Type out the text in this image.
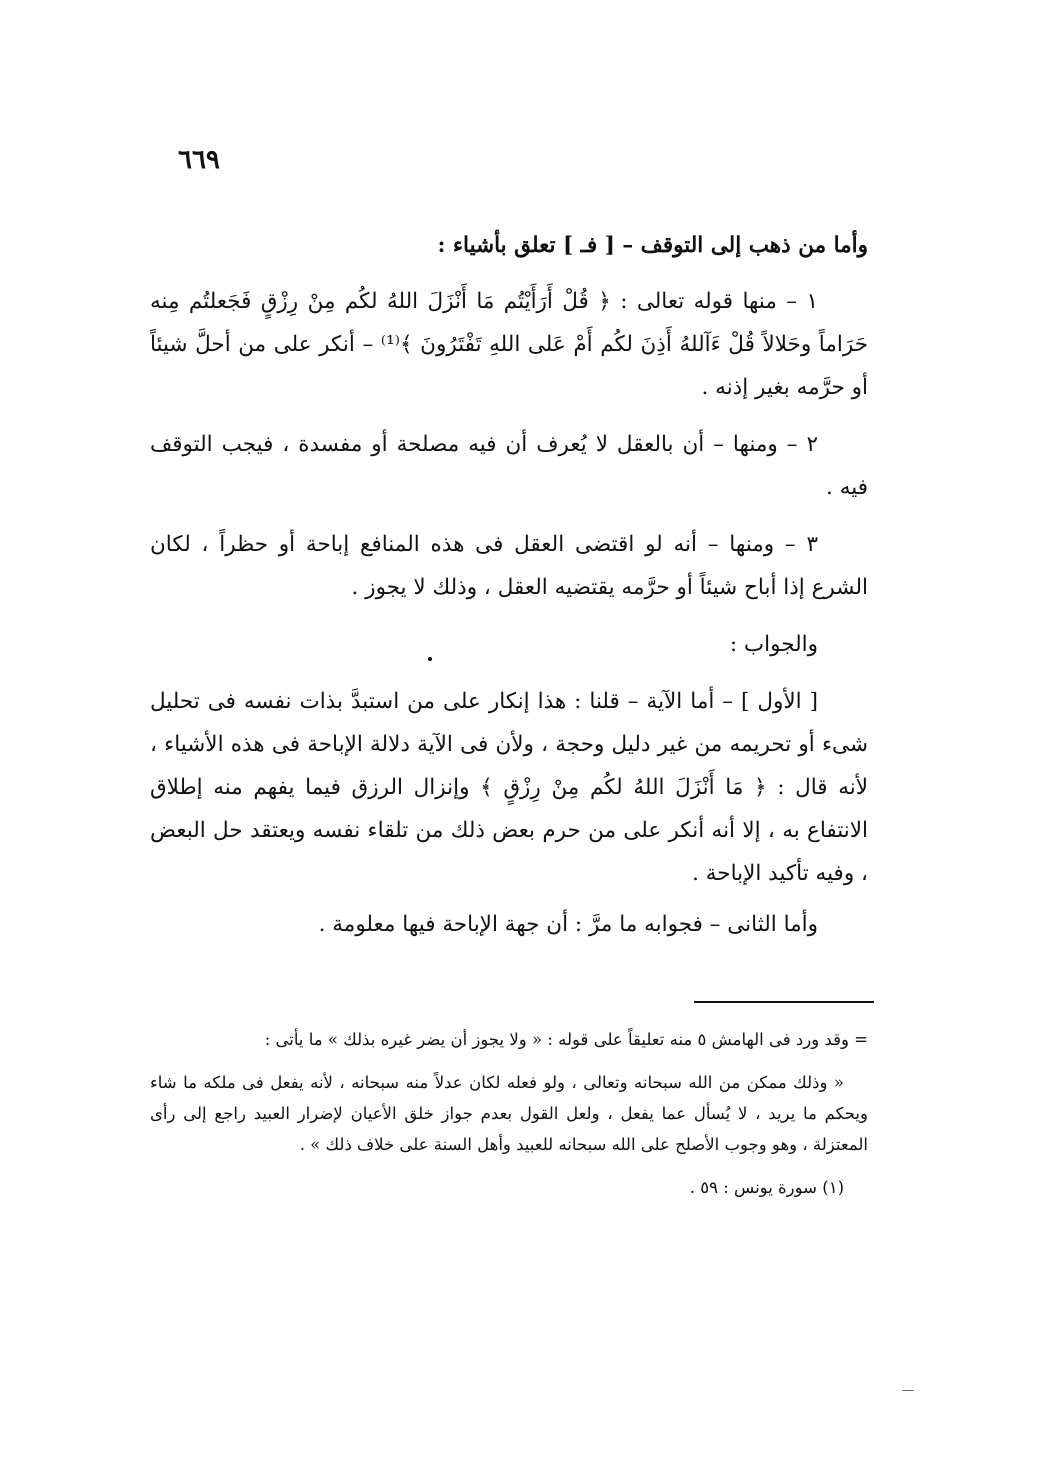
٦٦٩

وأما من ذهب إلى التوقف – [ فـ ] تعلق بأشياء :

١ – منها قوله تعالى : ﴿ قُلْ أَرَأَيْتُم مَا أَنْزَلَ اللهُ لكُم مِنْ رِزْقٍ فَجَعلتُم مِنه حَرَاماً وحَلالاً قُلْ ءَآللهُ أَذِنَ لكُم أَمْ عَلى اللهِ تَفْتَرُونَ ﴾⁽¹⁾ – أنكر على من أحلَّ شيئاً أو حرَّمه بغير إذنه .

٢ – ومنها – أن بالعقل لا يُعرف أن فيه مصلحة أو مفسدة ، فيجب التوقف فيه .

٣ – ومنها – أنه لو اقتضى العقل فى هذه المنافع إباحة أو حظراً ، لكان الشرع إذا أباح شيئاً أو حرَّمه يقتضيه العقل ، وذلك لا يجوز .

والجواب :

[ الأول ] – أما الآية – قلنا : هذا إنكار على من استبدَّ بذات نفسه فى تحليل شىء أو تحريمه من غير دليل وحجة ، ولأن فى الآية دلالة الإباحة فى هذه الأشياء ، لأنه قال : ﴿ مَا أَنْزَلَ اللهُ لكُم مِنْ رِزْقٍ ﴾ وإنزال الرزق فيما يفهم منه إطلاق الانتفاع به ، إلا أنه أنكر على من حرم بعض ذلك من تلقاء نفسه ويعتقد حل البعض ، وفيه تأكيد الإباحة .

وأما الثانى – فجوابه ما مرَّ : أن جهة الإباحة فيها معلومة .

= وقد ورد فى الهامش ٥ منه تعليقاً على قوله : « ولا يجوز أن يضر غيره بذلك » ما يأتى :

« وذلك ممكن من الله سبحانه وتعالى ، ولو فعله لكان عدلاً منه سبحانه ، لأنه يفعل فى ملكه ما شاء ويحكم ما يريد ، لا يُسأل عما يفعل ، ولعل القول بعدم جواز خلق الأعيان لإضرار العبيد راجع إلى رأى المعتزلة ، وهو وجوب الأصلح على الله سبحانه للعبيد وأهل السنة على خلاف ذلك » .

(١) سورة يونس : ٥٩ .
